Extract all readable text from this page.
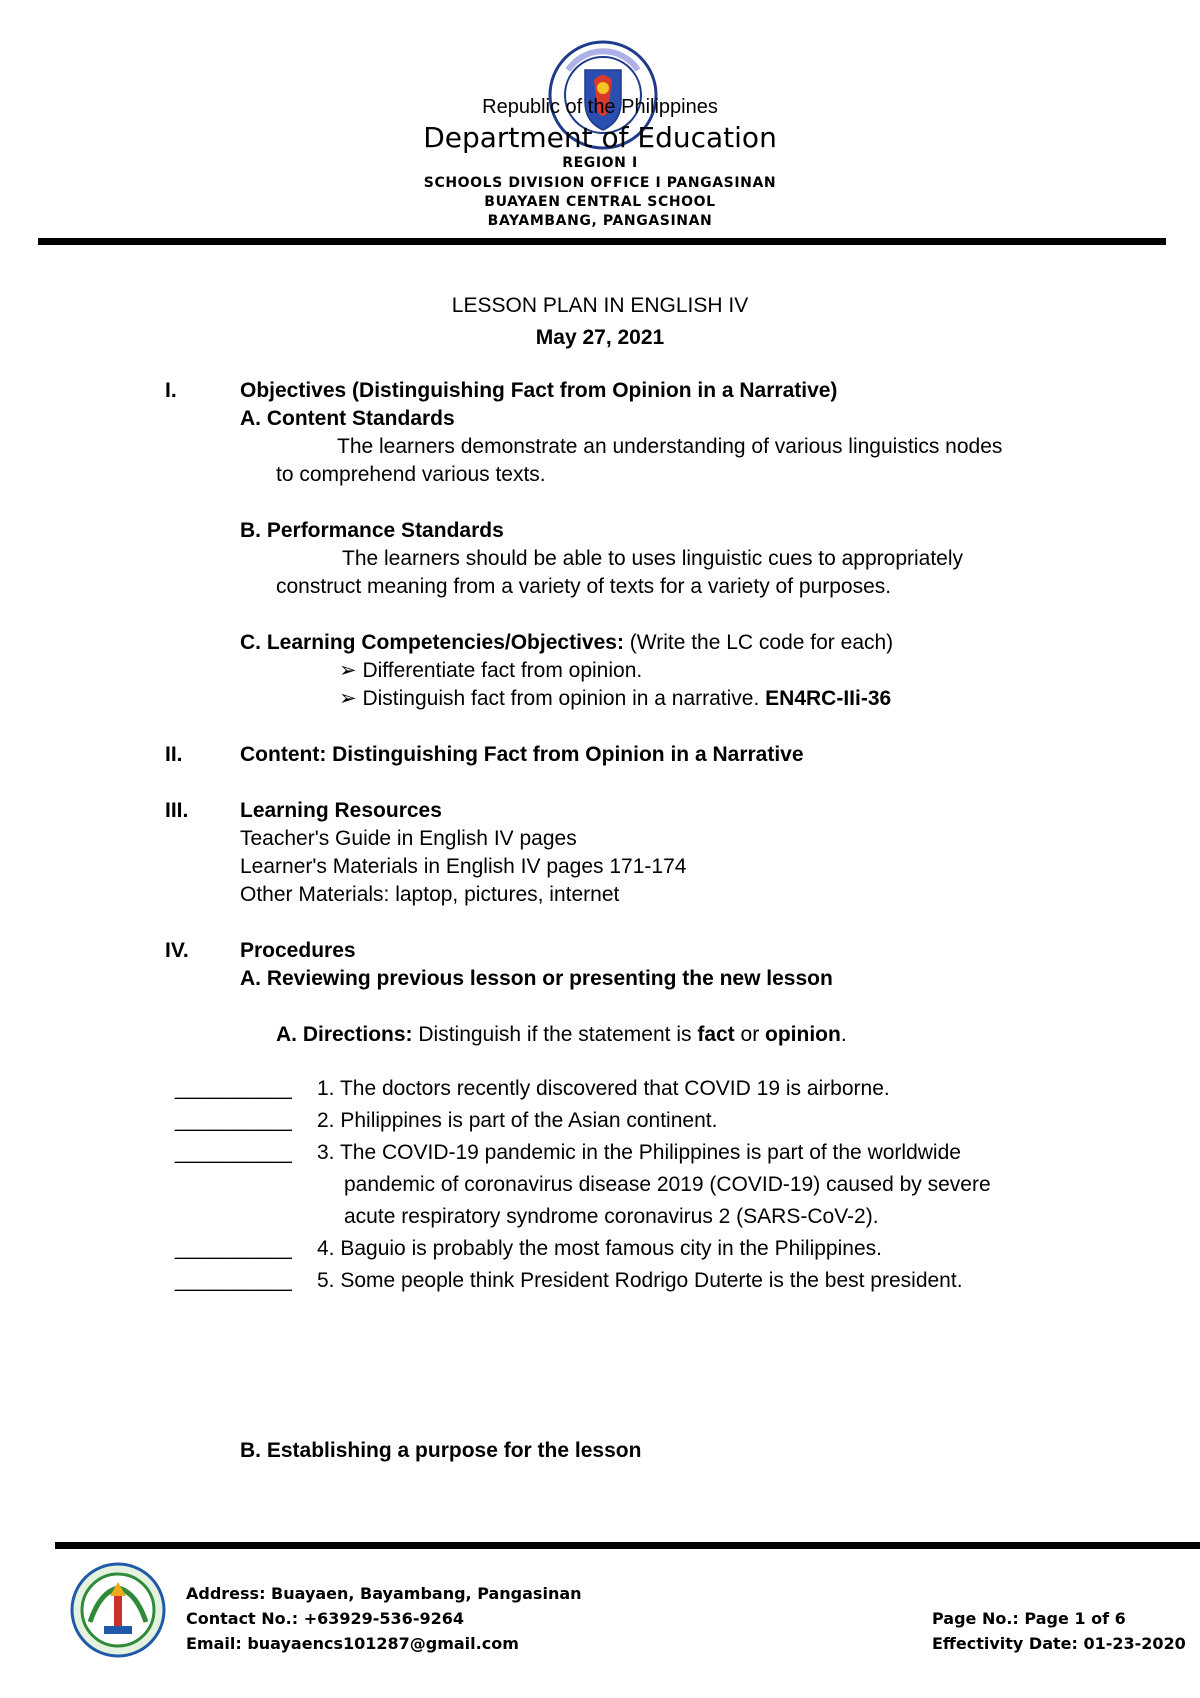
Republic of the Philippines
Department of Education
REGION I
SCHOOLS DIVISION OFFICE I PANGASINAN
BUAYAEN CENTRAL SCHOOL
BAYAMBANG, PANGASINAN
LESSON PLAN IN ENGLISH IV
May 27, 2021
I.	Objectives (Distinguishing Fact from Opinion in a Narrative)
A. Content Standards
The learners demonstrate an understanding of various linguistics nodes
to comprehend various texts.
B. Performance Standards
The learners should be able to uses linguistic cues to appropriately
construct meaning from a variety of texts for a variety of purposes.
C. Learning Competencies/Objectives: (Write the LC code for each)
➢ Differentiate fact from opinion.
➢ Distinguish fact from opinion in a narrative. EN4RC-IIi-36
II.	Content: Distinguishing Fact from Opinion in a Narrative
III. Learning Resources
Teacher's Guide in English IV pages
Learner's Materials in English IV pages 171-174
Other Materials: laptop, pictures, internet
IV. Procedures
A. Reviewing previous lesson or presenting the new lesson
A. Directions: Distinguish if the statement is fact or opinion.
__________ 1. The doctors recently discovered that COVID 19 is airborne.
__________ 2. Philippines is part of the Asian continent.
__________ 3. The COVID-19 pandemic in the Philippines is part of the worldwide
pandemic of coronavirus disease 2019 (COVID-19) caused by severe
acute respiratory syndrome coronavirus 2 (SARS-CoV-2).
__________ 4. Baguio is probably the most famous city in the Philippines.
__________ 5. Some people think President Rodrigo Duterte is the best president.
B. Establishing a purpose for the lesson
Address: Buayaen, Bayambang, Pangasinan
Contact No.: +63929-536-9264
Email: buayaencs101287@gmail.com
Page No.: Page 1 of 6
Effectivity Date: 01-23-2020
